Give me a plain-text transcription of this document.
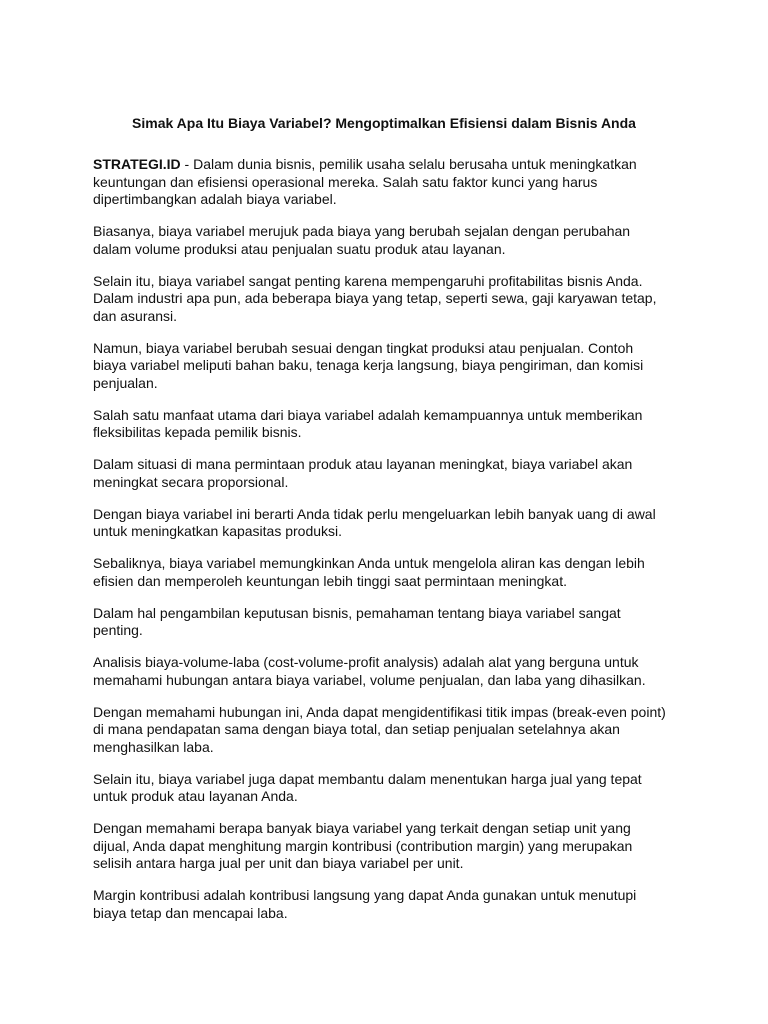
Simak Apa Itu Biaya Variabel? Mengoptimalkan Efisiensi dalam Bisnis Anda

STRATEGI.ID - Dalam dunia bisnis, pemilik usaha selalu berusaha untuk meningkatkan
keuntungan dan efisiensi operasional mereka. Salah satu faktor kunci yang harus
dipertimbangkan adalah biaya variabel.

Biasanya, biaya variabel merujuk pada biaya yang berubah sejalan dengan perubahan
dalam volume produksi atau penjualan suatu produk atau layanan.

Selain itu, biaya variabel sangat penting karena mempengaruhi profitabilitas bisnis Anda.
Dalam industri apa pun, ada beberapa biaya yang tetap, seperti sewa, gaji karyawan tetap,
dan asuransi.

Namun, biaya variabel berubah sesuai dengan tingkat produksi atau penjualan. Contoh
biaya variabel meliputi bahan baku, tenaga kerja langsung, biaya pengiriman, dan komisi
penjualan.

Salah satu manfaat utama dari biaya variabel adalah kemampuannya untuk memberikan
fleksibilitas kepada pemilik bisnis.

Dalam situasi di mana permintaan produk atau layanan meningkat, biaya variabel akan
meningkat secara proporsional.

Dengan biaya variabel ini berarti Anda tidak perlu mengeluarkan lebih banyak uang di awal
untuk meningkatkan kapasitas produksi.

Sebaliknya, biaya variabel memungkinkan Anda untuk mengelola aliran kas dengan lebih
efisien dan memperoleh keuntungan lebih tinggi saat permintaan meningkat.

Dalam hal pengambilan keputusan bisnis, pemahaman tentang biaya variabel sangat
penting.

Analisis biaya-volume-laba (cost-volume-profit analysis) adalah alat yang berguna untuk
memahami hubungan antara biaya variabel, volume penjualan, dan laba yang dihasilkan.

Dengan memahami hubungan ini, Anda dapat mengidentifikasi titik impas (break-even point)
di mana pendapatan sama dengan biaya total, dan setiap penjualan setelahnya akan
menghasilkan laba.

Selain itu, biaya variabel juga dapat membantu dalam menentukan harga jual yang tepat
untuk produk atau layanan Anda.

Dengan memahami berapa banyak biaya variabel yang terkait dengan setiap unit yang
dijual, Anda dapat menghitung margin kontribusi (contribution margin) yang merupakan
selisih antara harga jual per unit dan biaya variabel per unit.

Margin kontribusi adalah kontribusi langsung yang dapat Anda gunakan untuk menutupi
biaya tetap dan mencapai laba.
